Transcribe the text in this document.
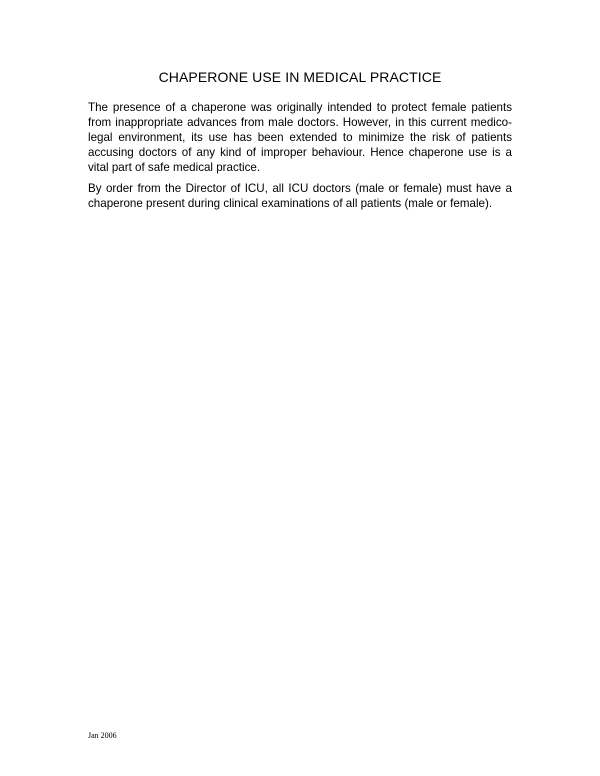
CHAPERONE USE IN MEDICAL PRACTICE
The presence of a chaperone was originally intended to protect female patients
from inappropriate advances from male doctors. However, in this current medico-
legal environment, its use has been extended to minimize the risk of patients
accusing doctors of any kind of improper behaviour. Hence chaperone use is a
vital part of safe medical practice.
By order from the Director of ICU, all ICU doctors (male or female) must have a
chaperone present during clinical examinations of all patients (male or female).
Jan 2006
